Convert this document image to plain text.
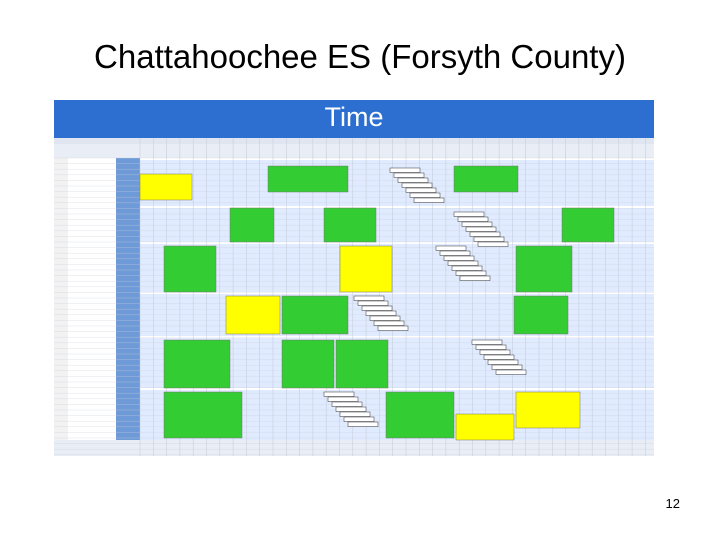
Chattahoochee ES (Forsyth County)
Time
12
